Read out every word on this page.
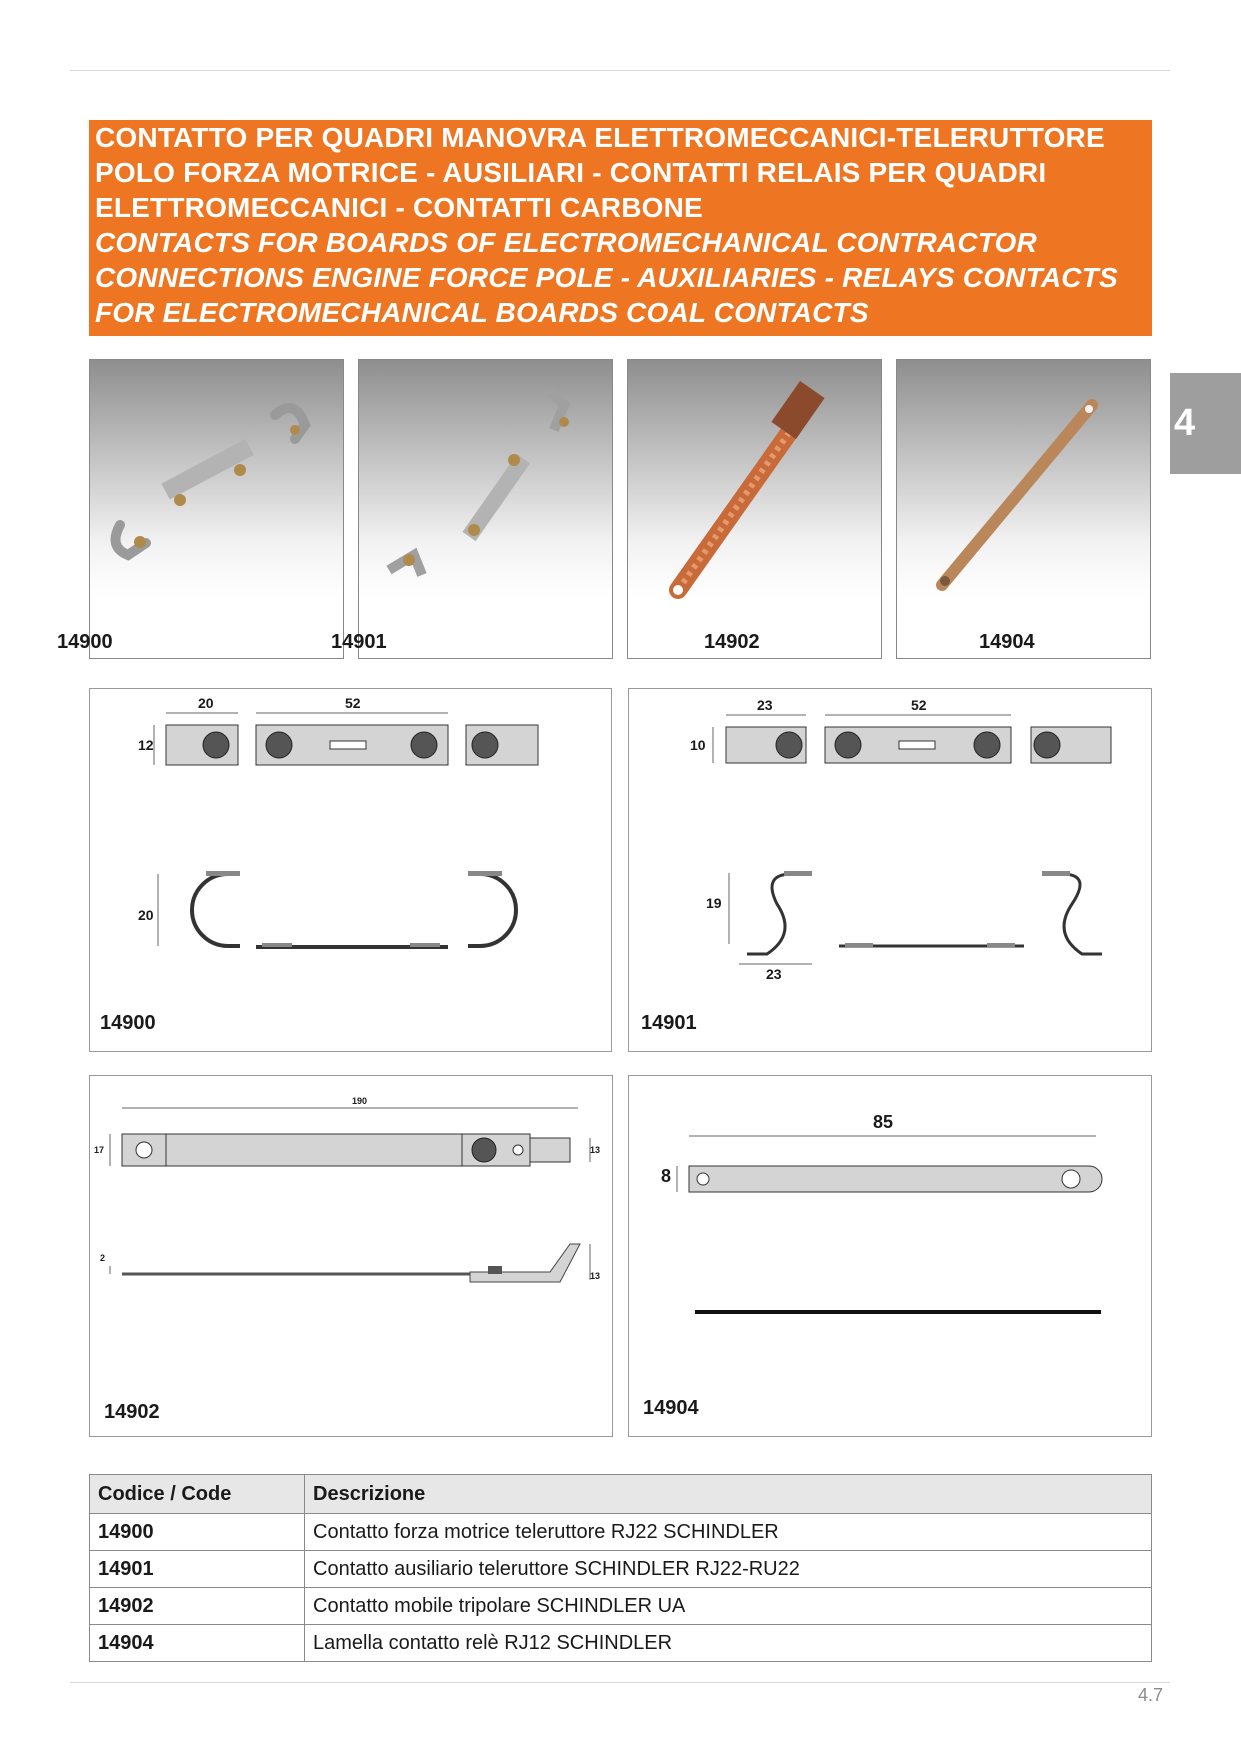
CONTATTO PER QUADRI MANOVRA ELETTROMECCANICI-TELERUTTORE
POLO FORZA MOTRICE - AUSILIARI - CONTATTI RELAIS PER QUADRI
ELETTROMECCANICI - CONTATTI CARBONE
CONTACTS FOR BOARDS OF ELECTROMECHANICAL CONTRACTOR
CONNECTIONS ENGINE FORCE POLE - AUXILIARIES - RELAYS CONTACTS
FOR ELECTROMECHANICAL BOARDS COAL CONTACTS
4
14900	14901	14902	14904
20	52
12
20
14900
23	52
10
19
23
14901
190
17	13
2
13
14902
85
8
14904
Codice / Code	Descrizione
14900	Contatto forza motrice teleruttore RJ22 SCHINDLER
14901	Contatto ausiliario teleruttore SCHINDLER RJ22-RU22
14902	Contatto mobile tripolare SCHINDLER UA
14904	Lamella contatto relè RJ12 SCHINDLER
4.7
